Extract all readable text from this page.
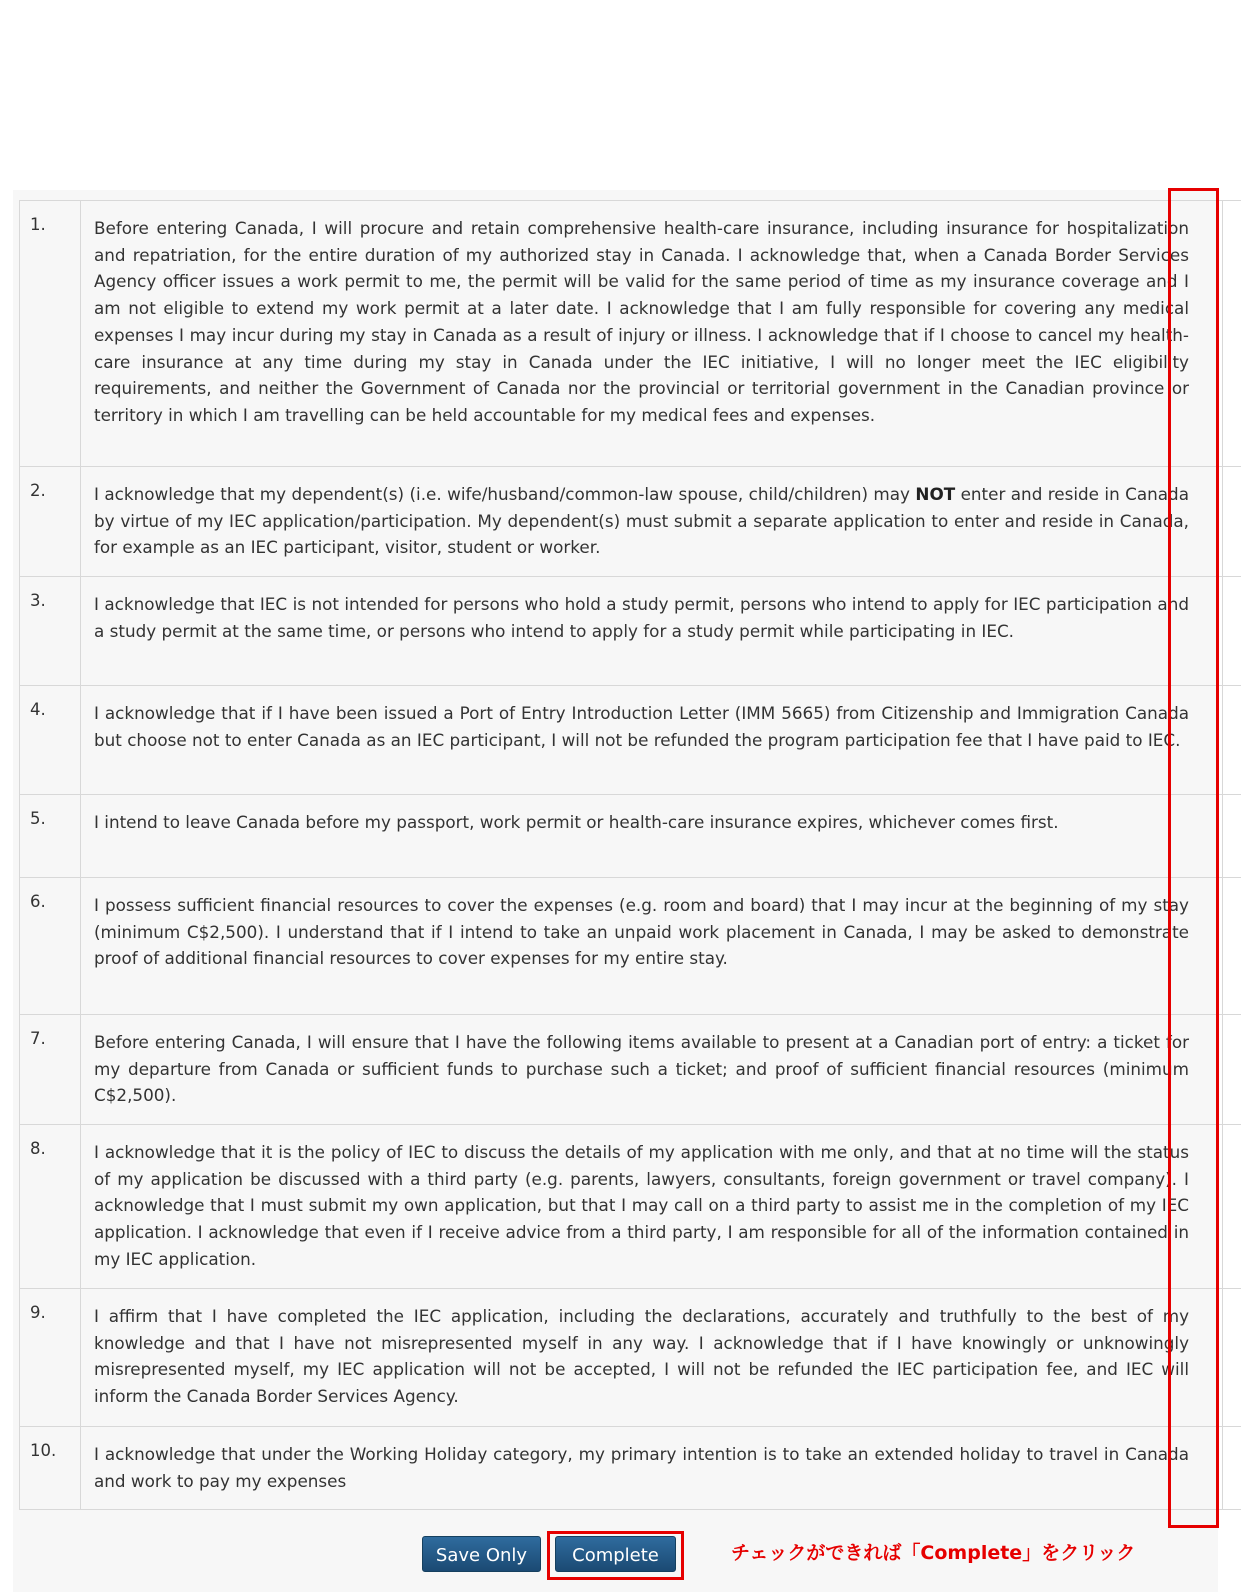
1.	Before entering Canada, I will procure and retain comprehensive health-care insurance, including insurance for hospitalization and repatriation, for the entire duration of my authorized stay in Canada. I acknowledge that, when a Canada Border Services Agency officer issues a work permit to me, the permit will be valid for the same period of time as my insurance coverage and I am not eligible to extend my work permit at a later date. I acknowledge that I am fully responsible for covering any medical expenses I may incur during my stay in Canada as a result of injury or illness. I acknowledge that if I choose to cancel my health-care insurance at any time during my stay in Canada under the IEC initiative, I will no longer meet the IEC eligibility requirements, and neither the Government of Canada nor the provincial or territorial government in the Canadian province or territory in which I am travelling can be held accountable for my medical fees and expenses.	

2.	I acknowledge that my dependent(s) (i.e. wife/husband/common-law spouse, child/children) may NOT enter and reside in Canada by virtue of my IEC application/participation. My dependent(s) must submit a separate application to enter and reside in Canada, for example as an IEC participant, visitor, student or worker.	

3.	I acknowledge that IEC is not intended for persons who hold a study permit, persons who intend to apply for IEC participation and a study permit at the same time, or persons who intend to apply for a study permit while participating in IEC.	

4.	I acknowledge that if I have been issued a Port of Entry Introduction Letter (IMM 5665) from Citizenship and Immigration Canada but choose not to enter Canada as an IEC participant, I will not be refunded the program participation fee that I have paid to IEC.	

5.	I intend to leave Canada before my passport, work permit or health-care insurance expires, whichever comes first.	

6.	I possess sufficient financial resources to cover the expenses (e.g. room and board) that I may incur at the beginning of my stay (minimum C$2,500). I understand that if I intend to take an unpaid work placement in Canada, I may be asked to demonstrate proof of additional financial resources to cover expenses for my entire stay.	

7.	Before entering Canada, I will ensure that I have the following items available to present at a Canadian port of entry: a ticket for my departure from Canada or sufficient funds to purchase such a ticket; and proof of sufficient financial resources (minimum C$2,500).	

8.	I acknowledge that it is the policy of IEC to discuss the details of my application with me only, and that at no time will the status of my application be discussed with a third party (e.g. parents, lawyers, consultants, foreign government or travel company). I acknowledge that I must submit my own application, but that I may call on a third party to assist me in the completion of my IEC application. I acknowledge that even if I receive advice from a third party, I am responsible for all of the information contained in my IEC application.	

9.	I affirm that I have completed the IEC application, including the declarations, accurately and truthfully to the best of my knowledge and that I have not misrepresented myself in any way. I acknowledge that if I have knowingly or unknowingly misrepresented myself, my IEC application will not be accepted, I will not be refunded the IEC participation fee, and IEC will inform the Canada Border Services Agency.	

10.	I acknowledge that under the Working Holiday category, my primary intention is to take an extended holiday to travel in Canada and work to pay my expenses	
Save Only	Complete	チェックができれば「Complete」をクリック
